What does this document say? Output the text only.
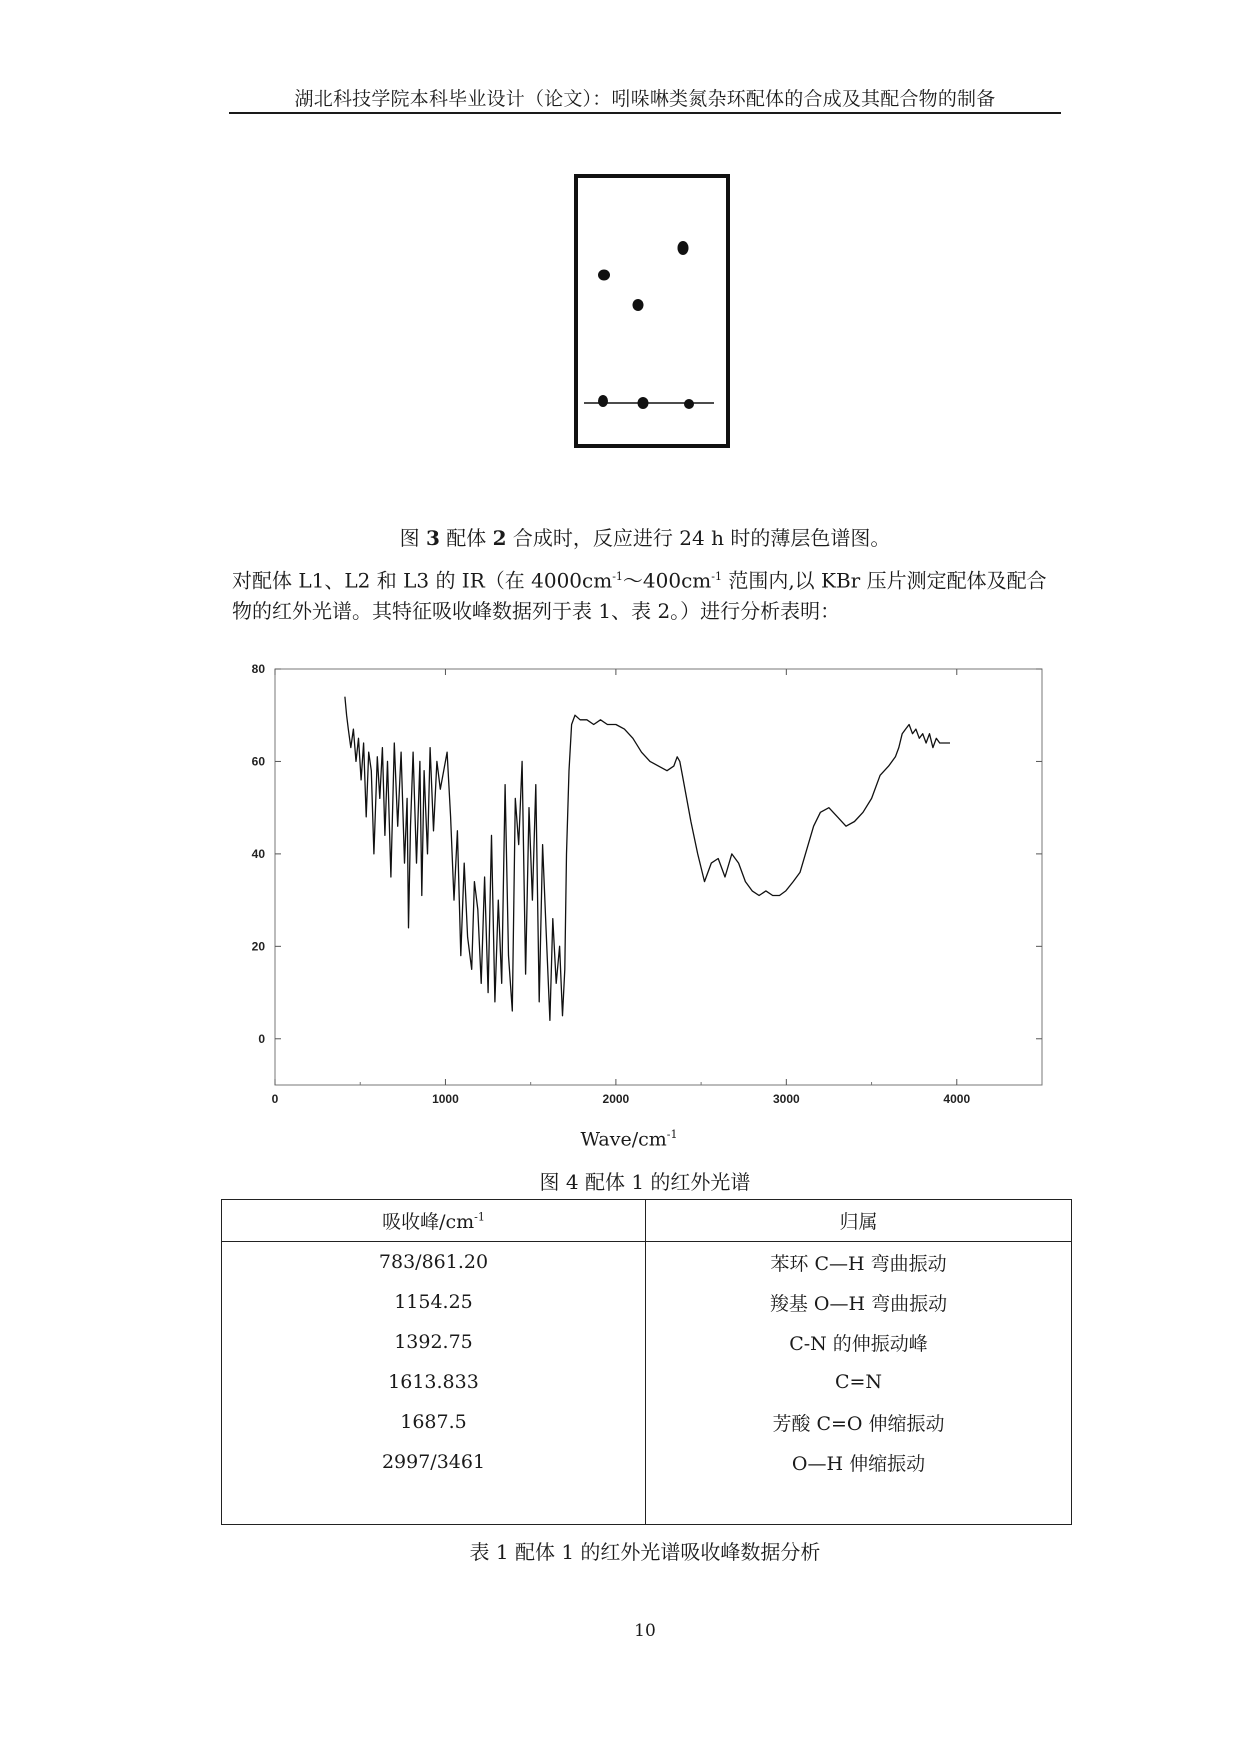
湖北科技学院本科毕业设计（论文）：吲哚啉类氮杂环配体的合成及其配合物的制备
图 3 配体 2 合成时，反应进行 24 h 时的薄层色谱图。
对配体 L1、L2 和 L3 的 IR（在 $4000cm^{-1}\sim 400cm^{-1}$ 范围内,以 KBr 压片测定配体及配合
物的红外光谱。其特征吸收峰数据列于表 1、表 2。）进行分析表明：
0	1000	2000	3000	4000
0
20
40
60
80
Wave/$cm^{-1}$
图 4 配体 1 的红外光谱
吸收峰$/cm^{-1}$	归属
783/861.20	苯环 C—H 弯曲振动
1154.25	羧基 O—H 弯曲振动
1392.75	C-N 的伸振动峰
1613.833	C=N
1687.5	芳酸 C=O 伸缩振动
2997/3461	O—H 伸缩振动

表 1 配体 1 的红外光谱吸收峰数据分析
10
